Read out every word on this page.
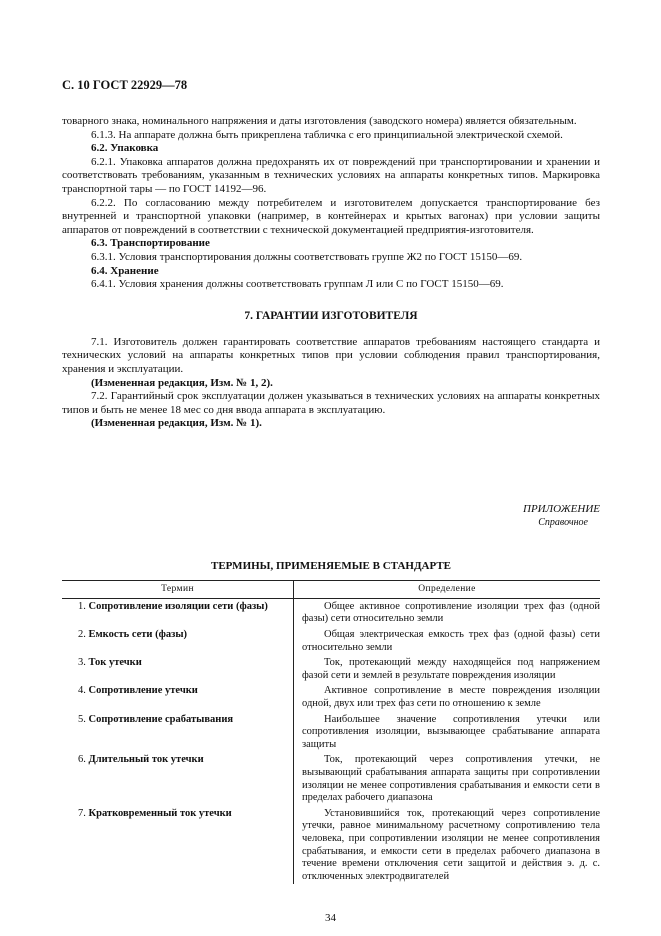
С. 10 ГОСТ 22929—78

товарного знака, номинального напряжения и даты изготовления (заводского номера) является обязательным.

6.1.3. На аппарате должна быть прикреплена табличка с его принципиальной электрической схемой.

6.2. Упаковка

6.2.1. Упаковка аппаратов должна предохранять их от повреждений при транспортировании и хранении и соответствовать требованиям, указанным в технических условиях на аппараты конкретных типов. Маркировка транспортной тары — по ГОСТ 14192—96.

6.2.2. По согласованию между потребителем и изготовителем допускается транспортирование без внутренней и транспортной упаковки (например, в контейнерах и крытых вагонах) при условии защиты аппаратов от повреждений в соответствии с технической документацией предприятия-изготовителя.

6.3. Транспортирование

6.3.1. Условия транспортирования должны соответствовать группе Ж2 по ГОСТ 15150—69.

6.4. Хранение

6.4.1. Условия хранения должны соответствовать группам Л или С по ГОСТ 15150—69.

7. ГАРАНТИИ ИЗГОТОВИТЕЛЯ

7.1. Изготовитель должен гарантировать соответствие аппаратов требованиям настоящего стандарта и технических условий на аппараты конкретных типов при условии соблюдения правил транспортирования, хранения и эксплуатации.

(Измененная редакция, Изм. № 1, 2).

7.2. Гарантийный срок эксплуатации должен указываться в технических условиях на аппараты конкретных типов и быть не менее 18 мес со дня ввода аппарата в эксплуатацию.

(Измененная редакция, Изм. № 1).

ПРИЛОЖЕНИЕ
Справочное
ТЕРМИНЫ, ПРИМЕНЯЕМЫЕ В СТАНДАРТЕ
Термин	Определение
1. Сопротивление изоляции сети (фазы)	Общее активное сопротивление изоляции трех фаз (одной фазы) сети относительно земли

2. Емкость сети (фазы)	Общая электрическая емкость трех фаз (одной фазы) сети относительно земли

3. Ток утечки	Ток, протекающий между находящейся под напряжением фазой сети и землей в результате повреждения изоляции

4. Сопротивление утечки	Активное сопротивление в месте повреждения изоляции одной, двух или трех фаз сети по отношению к земле

5. Сопротивление срабатывания	Наибольшее значение сопротивления утечки или сопротивления изоляции, вызывающее срабатывание аппарата защиты

6. Длительный ток утечки	Ток, протекающий через сопротивления утечки, не вызывающий срабатывания аппарата защиты при сопротивлении изоляции не менее сопротивления срабатывания и емкости сети в пределах рабочего диапазона

7. Кратковременный ток утечки	Установившийся ток, протекающий через сопротивление утечки, равное минимальному расчетному сопротивлению тела человека, при сопротивлении изоляции не менее сопротивления срабатывания, и емкости сети в пределах рабочего диапазона в течение времени отключения сети защитой и действия э. д. с. отключенных электродвигателей
34
